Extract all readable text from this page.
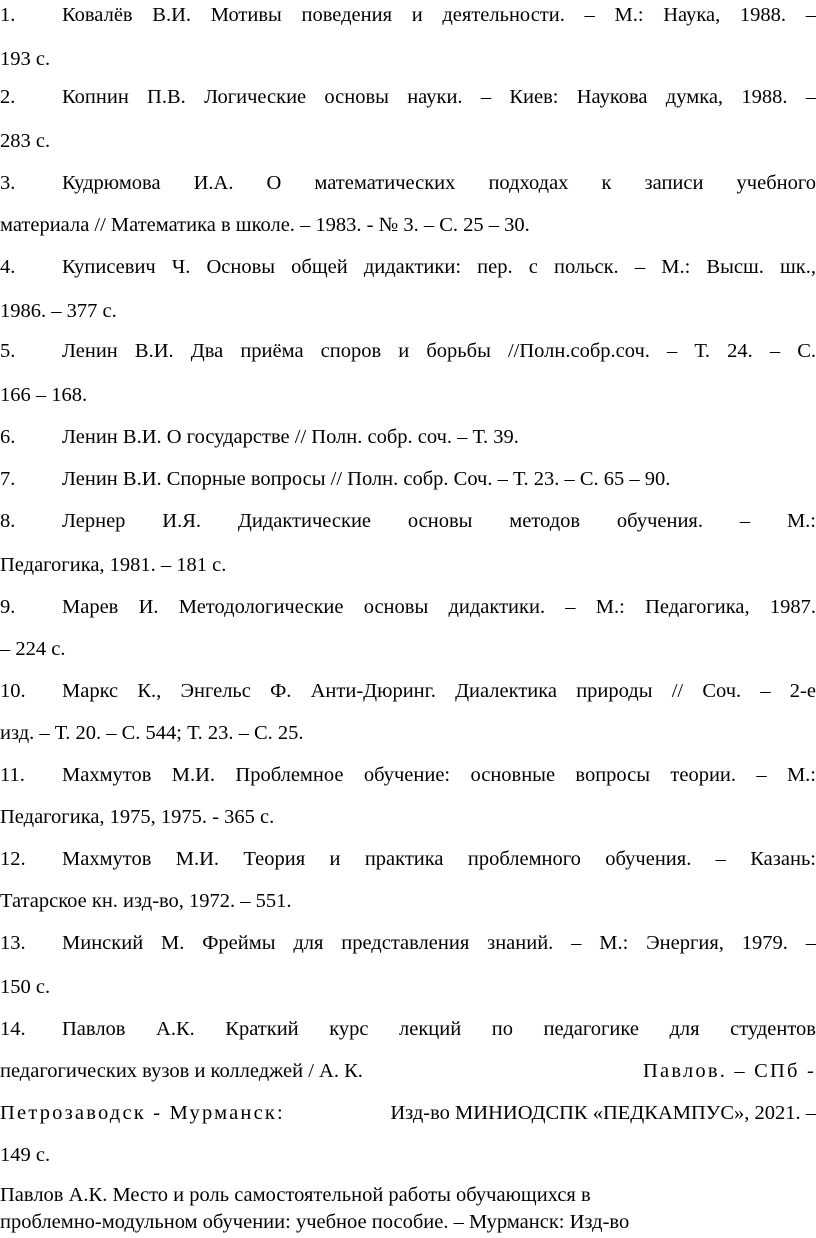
1. Ковалёв В.И. Мотивы поведения и деятельности. – М.: Наука, 1988. –
193 с.
2. Копнин П.В. Логические основы науки. – Киев: Наукова думка, 1988. –
283 с.
3. Кудрюмова И.А. О математических подходах к записи учебного
материала // Математика в школе. – 1983. - № 3. – С. 25 – 30.
4. Куписевич Ч. Основы общей дидактики: пер. с польск. – М.: Высш. шк.,
1986. – 377 с.
5. Ленин В.И. Два приёма споров и борьбы //Полн.собр.соч. – Т. 24. – С.
166 – 168.
6. Ленин В.И. О государстве // Полн. собр. соч. – Т. 39.
7. Ленин В.И. Спорные вопросы // Полн. собр. Соч. – Т. 23. – С. 65 – 90.
8. Лернер И.Я. Дидактические основы методов обучения. – М.:
Педагогика, 1981. – 181 с.
9. Марев И. Методологические основы дидактики. – М.: Педагогика, 1987.
– 224 с.
10. Маркс К., Энгельс Ф. Анти-Дюринг. Диалектика природы // Соч. – 2-е
изд. – Т. 20. – С. 544; Т. 23. – С. 25.
11. Махмутов М.И. Проблемное обучение: основные вопросы теории. – М.:
Педагогика, 1975, 1975. - 365 с.
12. Махмутов М.И. Теория и практика проблемного обучения. – Казань:
Татарское кн. изд-во, 1972. – 551.
13. Минский М. Фреймы для представления знаний. – М.: Энергия, 1979. –
150 с.
14. Павлов А.К. Краткий курс лекций по педагогике для студентов
педагогических вузов и колледжей / А. К.	Павлов. – СПб -
Петрозаводск - Мурманск:	Изд-во МИНИОДСПК «ПЕДКАМПУС», 2021. –
149 с.
Павлов А.К. Место и роль самостоятельной работы обучающихся в
проблемно-модульном обучении: учебное пособие. – Мурманск: Изд-во
